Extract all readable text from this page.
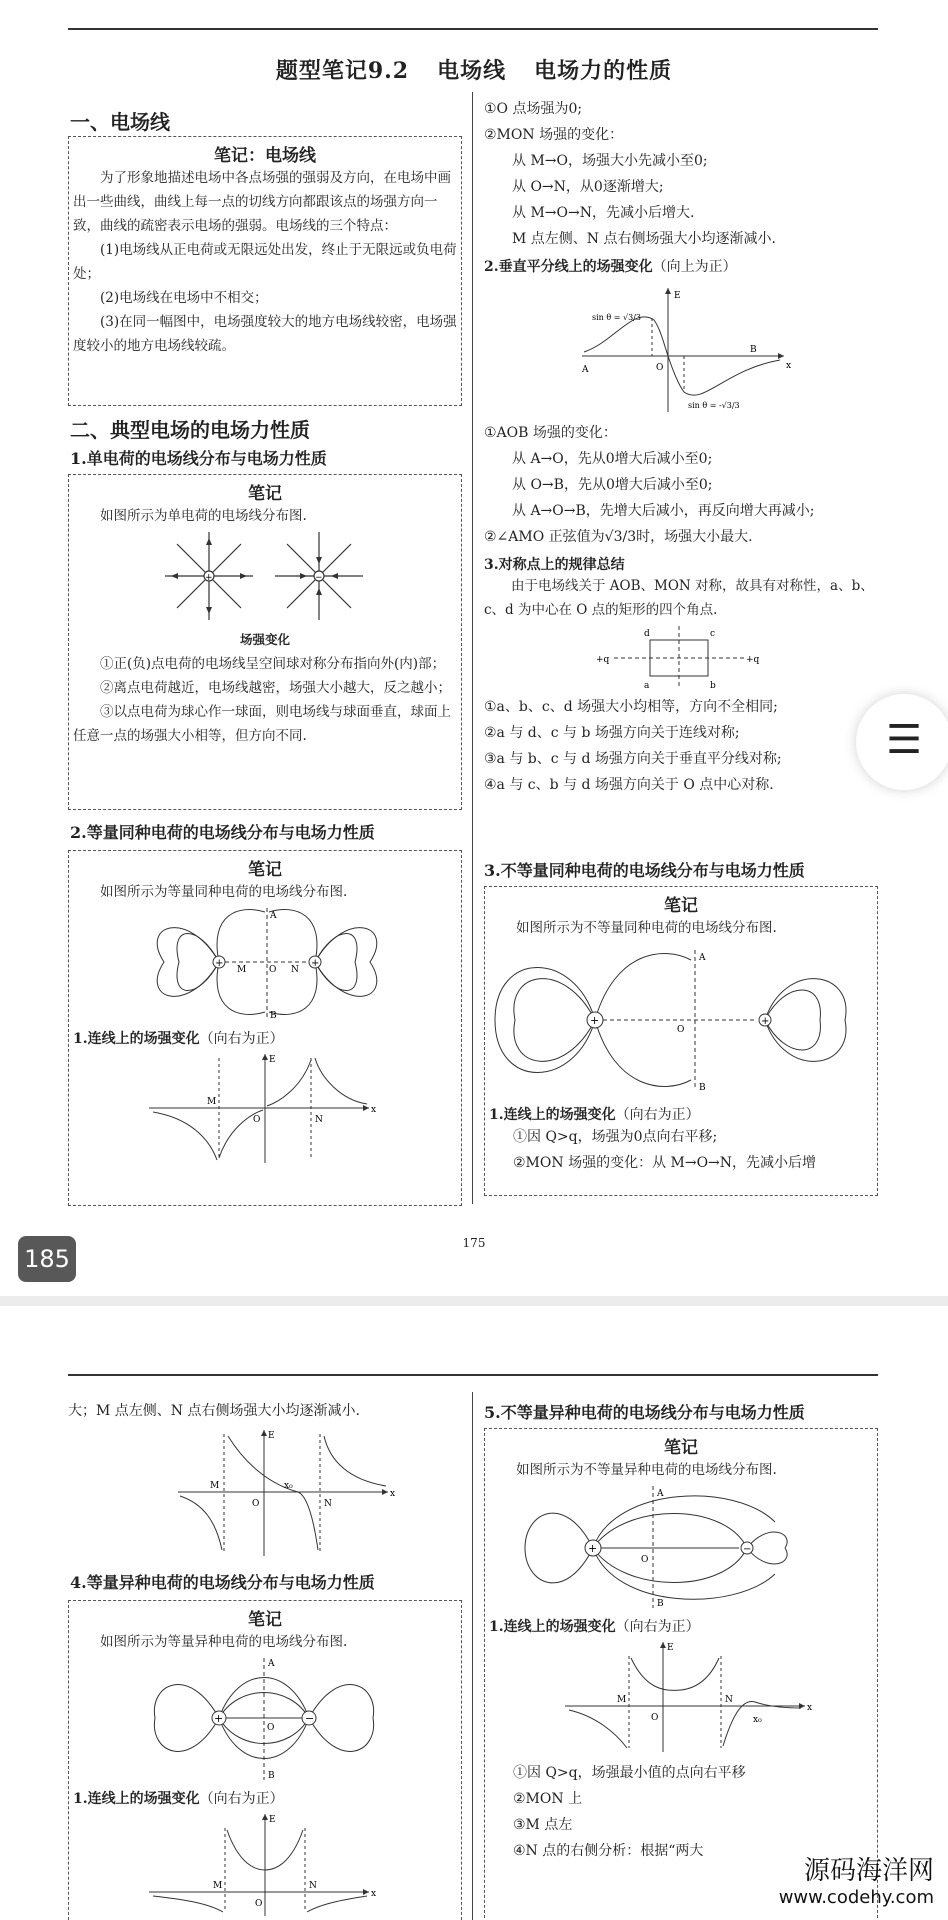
题型笔记9.2 电场线 电场力的性质
一、电场线
笔记：电场线
为了形象地描述电场中各点场强的强弱及方向，在电场中画出一些曲线，曲线上每一点的切线方向都跟该点的场强方向一致，曲线的疏密表示电场的强弱。电场线的三个特点：
(1)电场线从正电荷或无限远处出发，终止于无限远或负电荷处；
(2)电场线在电场中不相交；
(3)在同一幅图中，电场强度较大的地方电场线较密，电场强度较小的地方电场线较疏。
二、典型电场的电场力性质
1.单电荷的电场线分布与电场力性质
笔记
如图所示为单电荷的电场线分布图.
+	−
场强变化
①正(负)点电荷的电场线呈空间球对称分布指向外(内)部；
②离点电荷越近，电场线越密，场强大小越大，反之越小；
③以点电荷为球心作一球面，则电场线与球面垂直，球面上任意一点的场强大小相等，但方向不同.
2.等量同种电荷的电场线分布与电场力性质
笔记
如图所示为等量同种电荷的电场线分布图.
+	+
A
B
M	O N
1.连线上的场强变化（向右为正）
E
x
M
O	N
①O 点场强为0;
②MON 场强的变化：
从 M→O，场强大小先减小至0;
从 O→N，从0逐渐增大;
从 M→O→N，先减小后增大.
M 点左侧、N 点右侧场强大小均逐渐减小.
2.垂直平分线上的场强变化（向上为正）
E
x
A
B
O
sin θ = √3/3
sin θ = -√3/3
①AOB 场强的变化：
从 A→O，先从0增大后减小至0;
从 O→B，先从0增大后减小至0;
从 A→O→B，先增大后减小，再反向增大再减小;
②∠AMO 正弦值为√3/3时，场强大小最大.
3.对称点上的规律总结
由于电场线关于 AOB、MON 对称，故具有对称性，a、b、c、d 为中心在 O 点的矩形的四个角点.
+q	+q
d	c
a	b
①a、b、c、d 场强大小均相等，方向不全相同;
②a 与 d、c 与 b 场强方向关于连线对称;
③a 与 b、c 与 d 场强方向关于垂直平分线对称;
④a 与 c、b 与 d 场强方向关于 O 点中心对称.
3.不等量同种电荷的电场线分布与电场力性质
笔记
如图所示为不等量同种电荷的电场线分布图.
+	+
A
B
O
1.连线上的场强变化（向右为正）
①因 Q>q，场强为0点向右平移;
②MON 场强的变化：从 M→O→N，先减小后增
175
185
☰
大；M 点左侧、N 点右侧场强大小均逐渐减小.
E
x
M
O
x₀
N
4.等量异种电荷的电场线分布与电场力性质
笔记
如图所示为等量异种电荷的电场线分布图.
+	−
A
B
O
1.连线上的场强变化（向右为正）
E
x
M
O
N
5.不等量异种电荷的电场线分布与电场力性质
笔记
如图所示为不等量异种电荷的电场线分布图.
+	−
A
B
O
1.连线上的场强变化（向右为正）
E
x
M
O
N
x₀
①因 Q>q，场强最小值的点向右平移
②MON 上
③M 点左
④N 点的右侧分析：根据“两大
源码海洋网
www.codehy.com
